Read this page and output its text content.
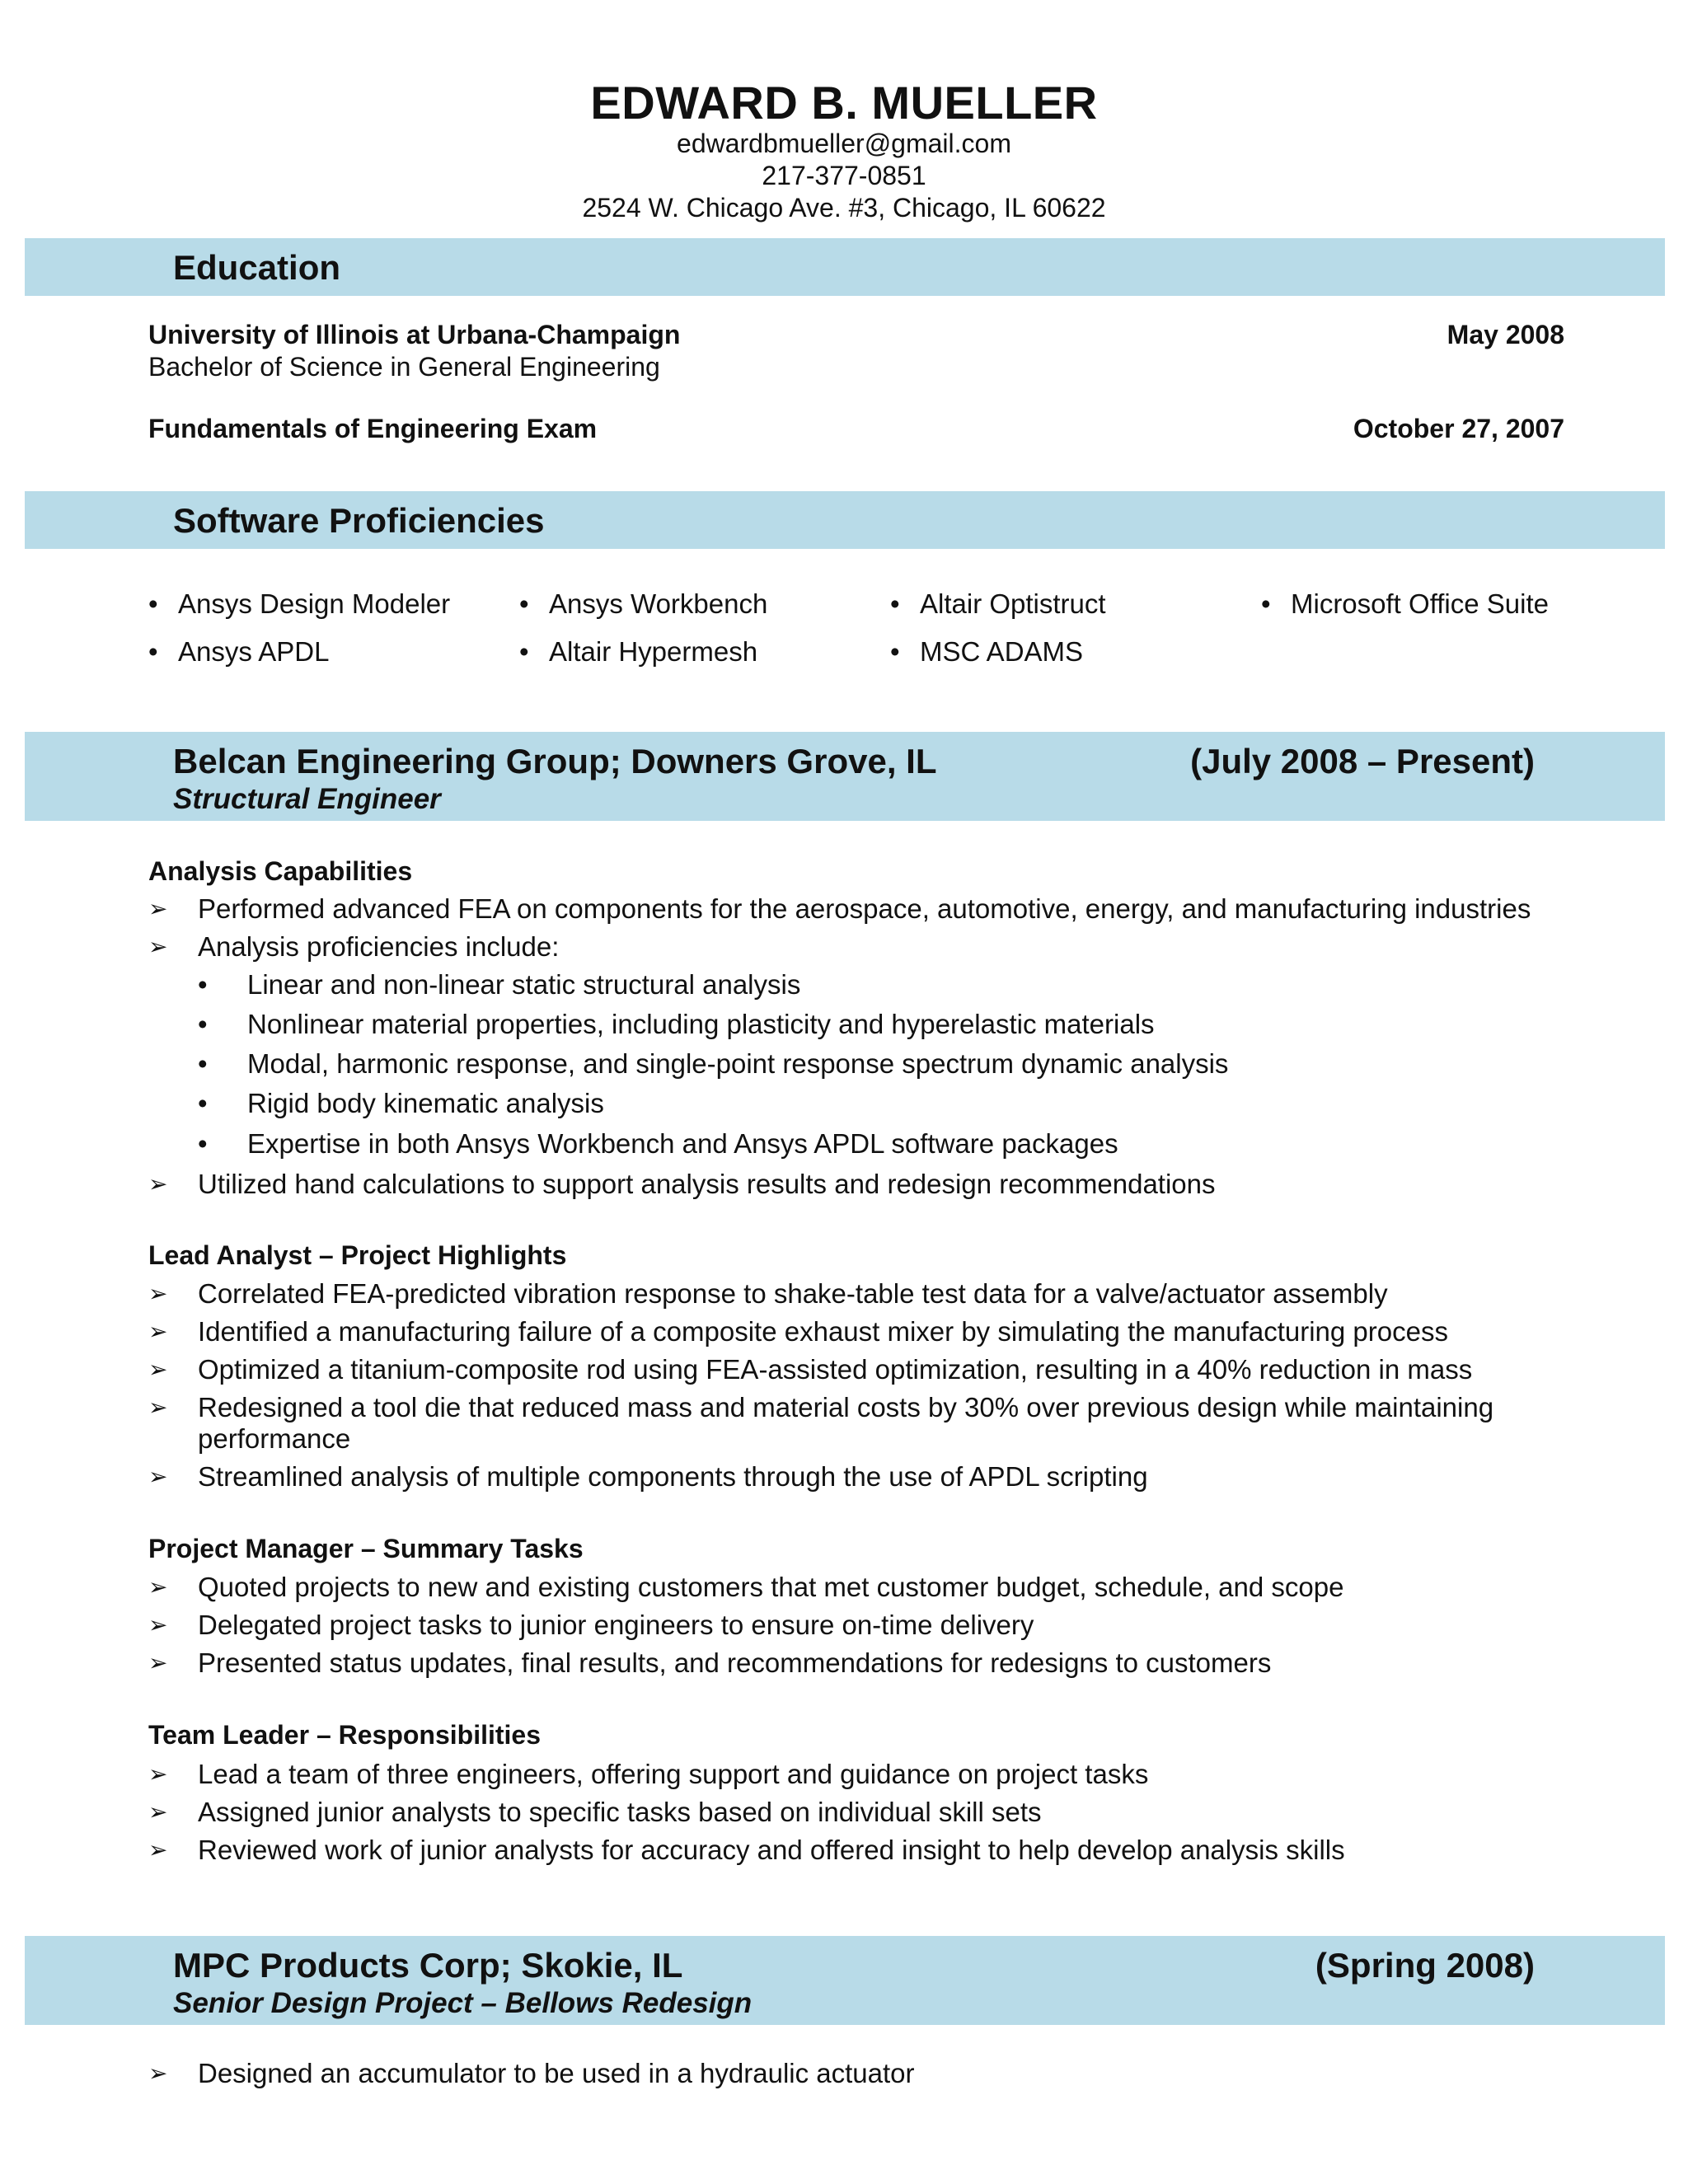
EDWARD B. MUELLER
edwardbmueller@gmail.com
217-377-0851
2524 W. Chicago Ave. #3, Chicago, IL 60622
Education
University of Illinois at Urbana-Champaign	May 2008
Bachelor of Science in General Engineering
Fundamentals of Engineering Exam	October 27, 2007
Software Proficiencies
• Ansys Design Modeler	• Ansys Workbench	• Altair Optistruct	• Microsoft Office Suite
• Ansys APDL	• Altair Hypermesh	• MSC ADAMS
Belcan Engineering Group; Downers Grove, IL	(July 2008 – Present)
Structural Engineer
Analysis Capabilities
➢ Performed advanced FEA on components for the aerospace, automotive, energy, and manufacturing industries
➢ Analysis proficiencies include:
• Linear and non-linear static structural analysis
• Nonlinear material properties, including plasticity and hyperelastic materials
• Modal, harmonic response, and single-point response spectrum dynamic analysis
• Rigid body kinematic analysis
• Expertise in both Ansys Workbench and Ansys APDL software packages
➢ Utilized hand calculations to support analysis results and redesign recommendations
Lead Analyst – Project Highlights
➢ Correlated FEA-predicted vibration response to shake-table test data for a valve/actuator assembly
➢ Identified a manufacturing failure of a composite exhaust mixer by simulating the manufacturing process
➢ Optimized a titanium-composite rod using FEA-assisted optimization, resulting in a 40% reduction in mass
➢ Redesigned a tool die that reduced mass and material costs by 30% over previous design while maintaining performance
➢ Streamlined analysis of multiple components through the use of APDL scripting
Project Manager – Summary Tasks
➢ Quoted projects to new and existing customers that met customer budget, schedule, and scope
➢ Delegated project tasks to junior engineers to ensure on-time delivery
➢ Presented status updates, final results, and recommendations for redesigns to customers
Team Leader – Responsibilities
➢ Lead a team of three engineers, offering support and guidance on project tasks
➢ Assigned junior analysts to specific tasks based on individual skill sets
➢ Reviewed work of junior analysts for accuracy and offered insight to help develop analysis skills
MPC Products Corp; Skokie, IL	(Spring 2008)
Senior Design Project – Bellows Redesign
➢ Designed an accumulator to be used in a hydraulic actuator
